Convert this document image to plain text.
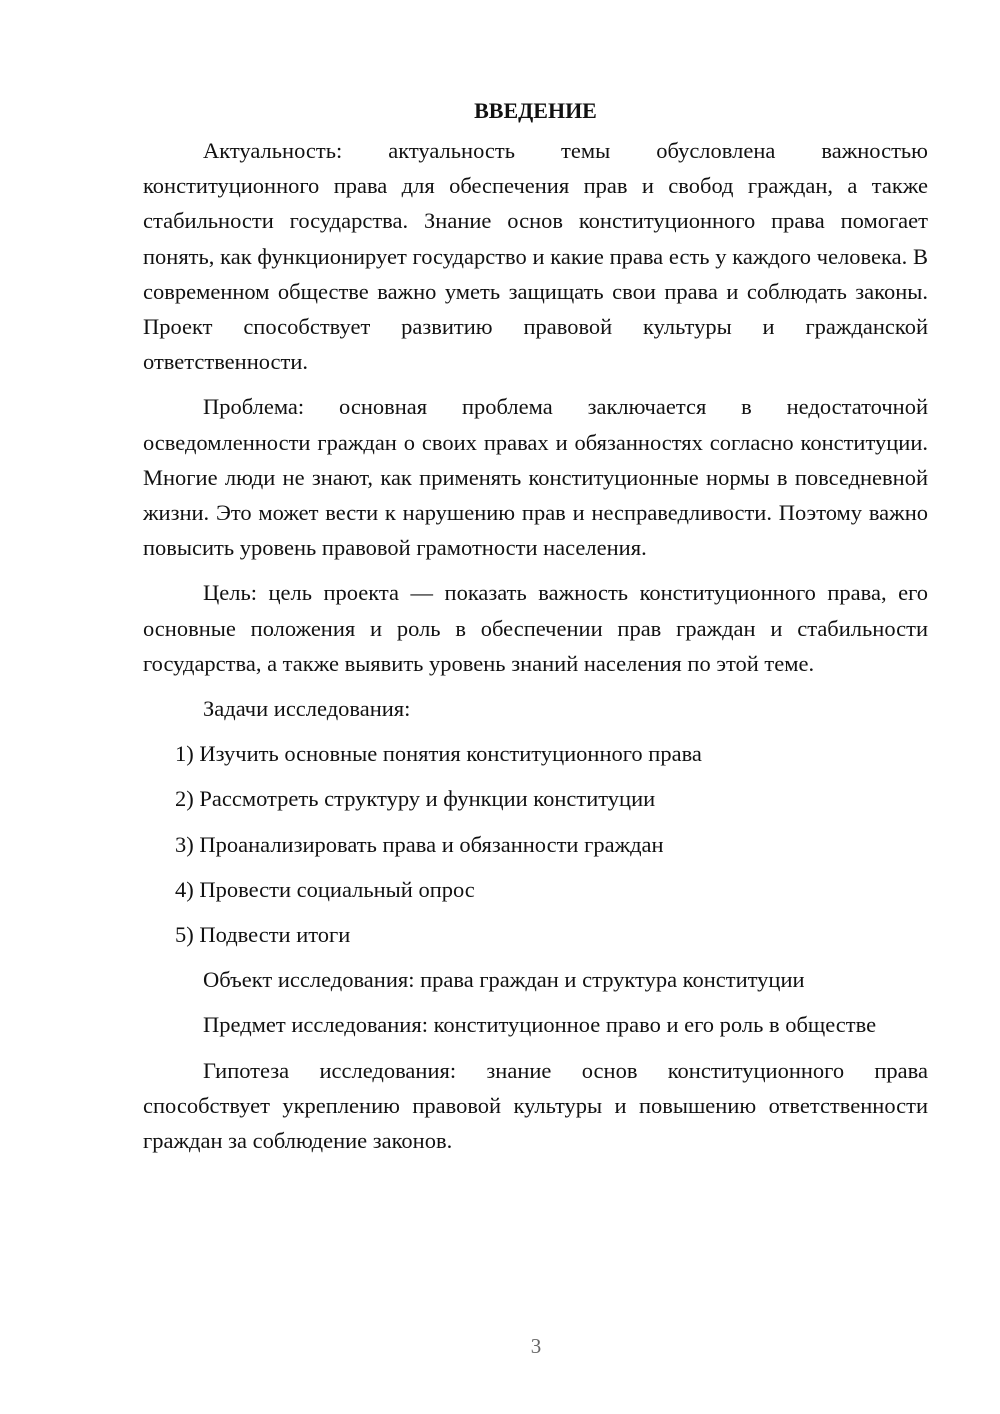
ВВЕДЕНИЕ

Актуальность: актуальность темы обусловлена важностью конституционного права для обеспечения прав и свобод граждан, а также стабильности государства. Знание основ конституционного права помогает понять, как функционирует государство и какие права есть у каждого человека. В современном обществе важно уметь защищать свои права и соблюдать законы. Проект способствует развитию правовой культуры и гражданской ответственности.

Проблема: основная проблема заключается в недостаточной осведомленности граждан о своих правах и обязанностях согласно конституции. Многие люди не знают, как применять конституционные нормы в повседневной жизни. Это может вести к нарушению прав и несправедливости. Поэтому важно повысить уровень правовой грамотности населения.

Цель: цель проекта — показать важность конституционного права, его основные положения и роль в обеспечении прав граждан и стабильности государства, а также выявить уровень знаний населения по этой теме.

Задачи исследования:

1) Изучить основные понятия конституционного права
2) Рассмотреть структуру и функции конституции
3) Проанализировать права и обязанности граждан
4) Провести социальный опрос
5) Подвести итоги

Объект исследования: права граждан и структура конституции

Предмет исследования: конституционное право и его роль в обществе

Гипотеза исследования: знание основ конституционного права способствует укреплению правовой культуры и повышению ответственности граждан за соблюдение законов.

3
